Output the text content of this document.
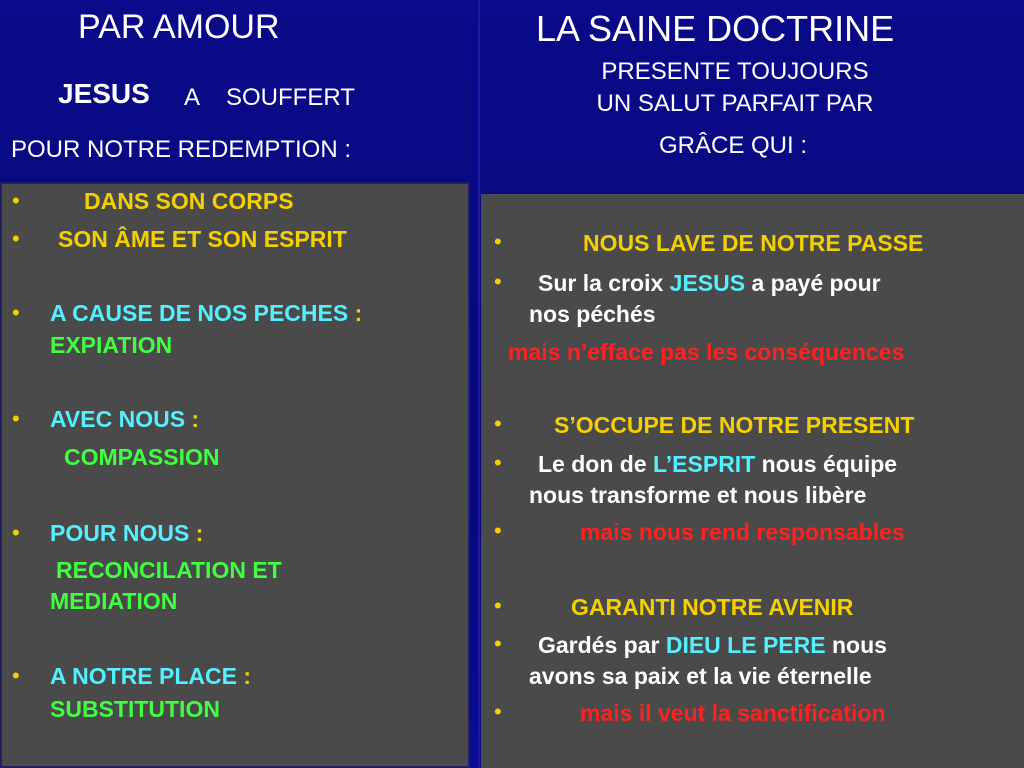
PAR AMOUR
JESUS A SOUFFERT
POUR NOTRE REDEMPTION :
LA SAINE DOCTRINE
PRESENTE TOUJOURS
UN SALUT PARFAIT PAR
GRÂCE QUI :
•	DANS SON CORPS
• SON ÂME ET SON ESPRIT
• A CAUSE DE NOS PECHES :
EXPIATION
• AVEC NOUS :
COMPASSION
• POUR NOUS :
RECONCILATION ET
MEDIATION
• A NOTRE PLACE :
SUBSTITUTION
•	NOUS LAVE DE NOTRE PASSE
• Sur la croix JESUS a payé pour
nos péchés
mais n’efface pas les conséquences
• S’OCCUPE DE NOTRE PRESENT
• Le don de L’ESPRIT nous équipe
nous transforme et nous libère
•	mais nous rend responsables
•	GARANTI NOTRE AVENIR
• Gardés par DIEU LE PERE nous
avons sa paix et la vie éternelle
•	mais il veut la sanctification
